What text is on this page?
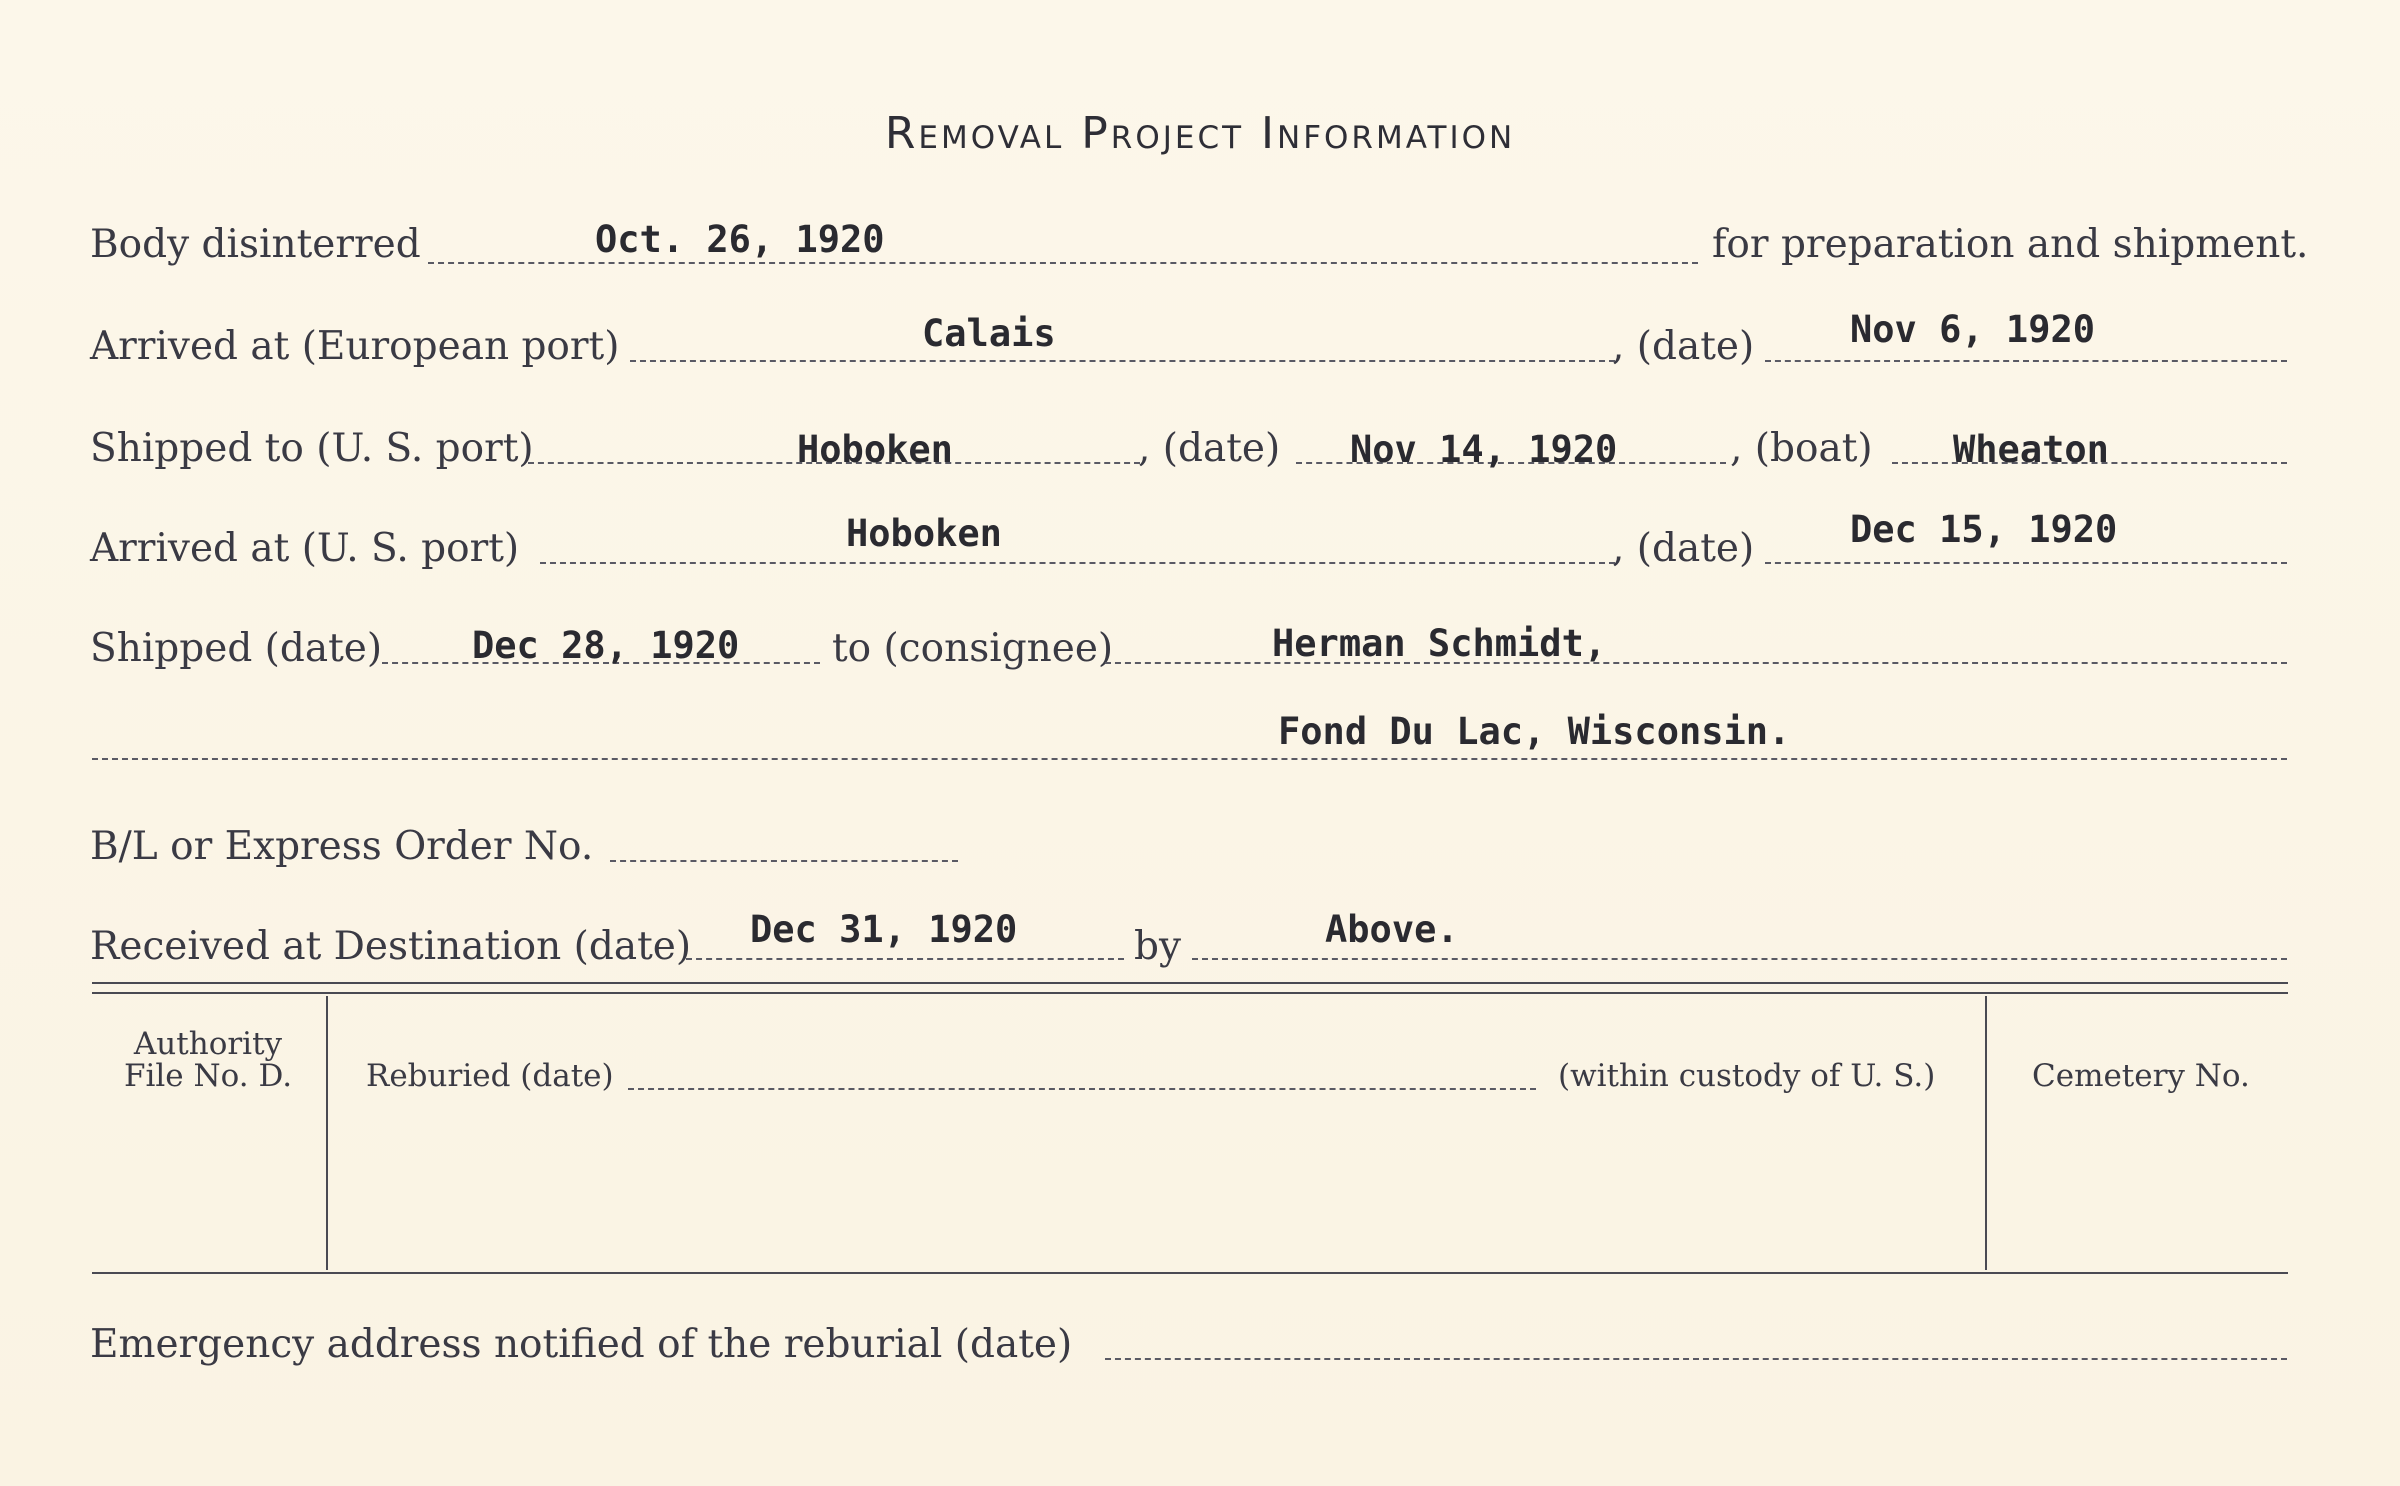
Removal Project Information
Body disinterred	Oct. 26, 1920	for preparation and shipment.
Arrived at (European port)	Calais	, (date)	Nov 6, 1920
Shipped to (U. S. port)	Hoboken	, (date) Nov 14, 1920	, (boat) Wheaton
Arrived at (U. S. port)	Hoboken	, (date)	Dec 15, 1920
Shipped (date) Dec 28, 1920 to (consignee)	Herman Schmidt,
Fond Du Lac, Wisconsin.
B/L or Express Order No.
Received at Destination (date) Dec 31, 1920	by	Above.
Authority
File No. D.	Reburied (date)	(within custody of U. S.)	Cemetery No.
Emergency address notified of the reburial (date)
